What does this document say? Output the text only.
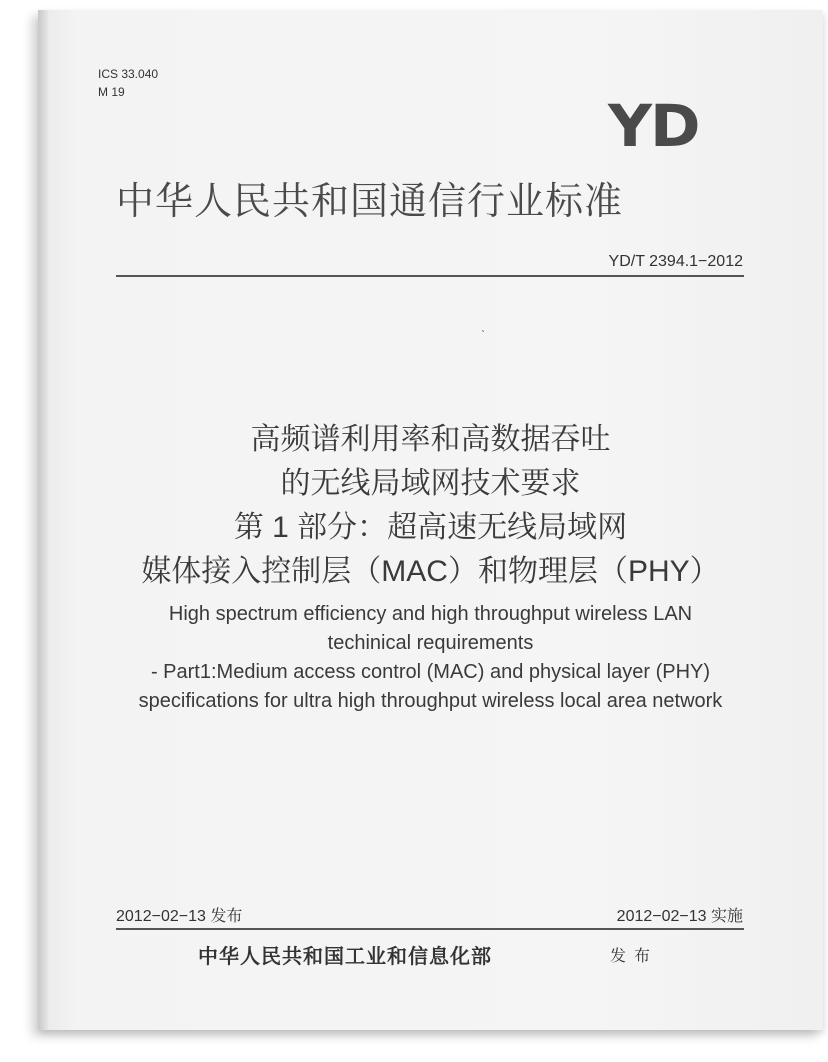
ICS 33.040
M 19	YD
中华人民共和国通信行业标准
YD/T 2394.1−2012
ˋ
高频谱利用率和高数据吞吐
的无线局域网技术要求
第 1 部分：超高速无线局域网
媒体接入控制层（MAC）和物理层（PHY）
High spectrum efficiency and high throughput wireless LAN
techinical requirements
- Part1:Medium access control (MAC) and physical layer (PHY)
specifications for ultra high throughput wireless local area network
2012−02−13 发布	2012−02−13 实施
中华人民共和国工业和信息化部	发布
